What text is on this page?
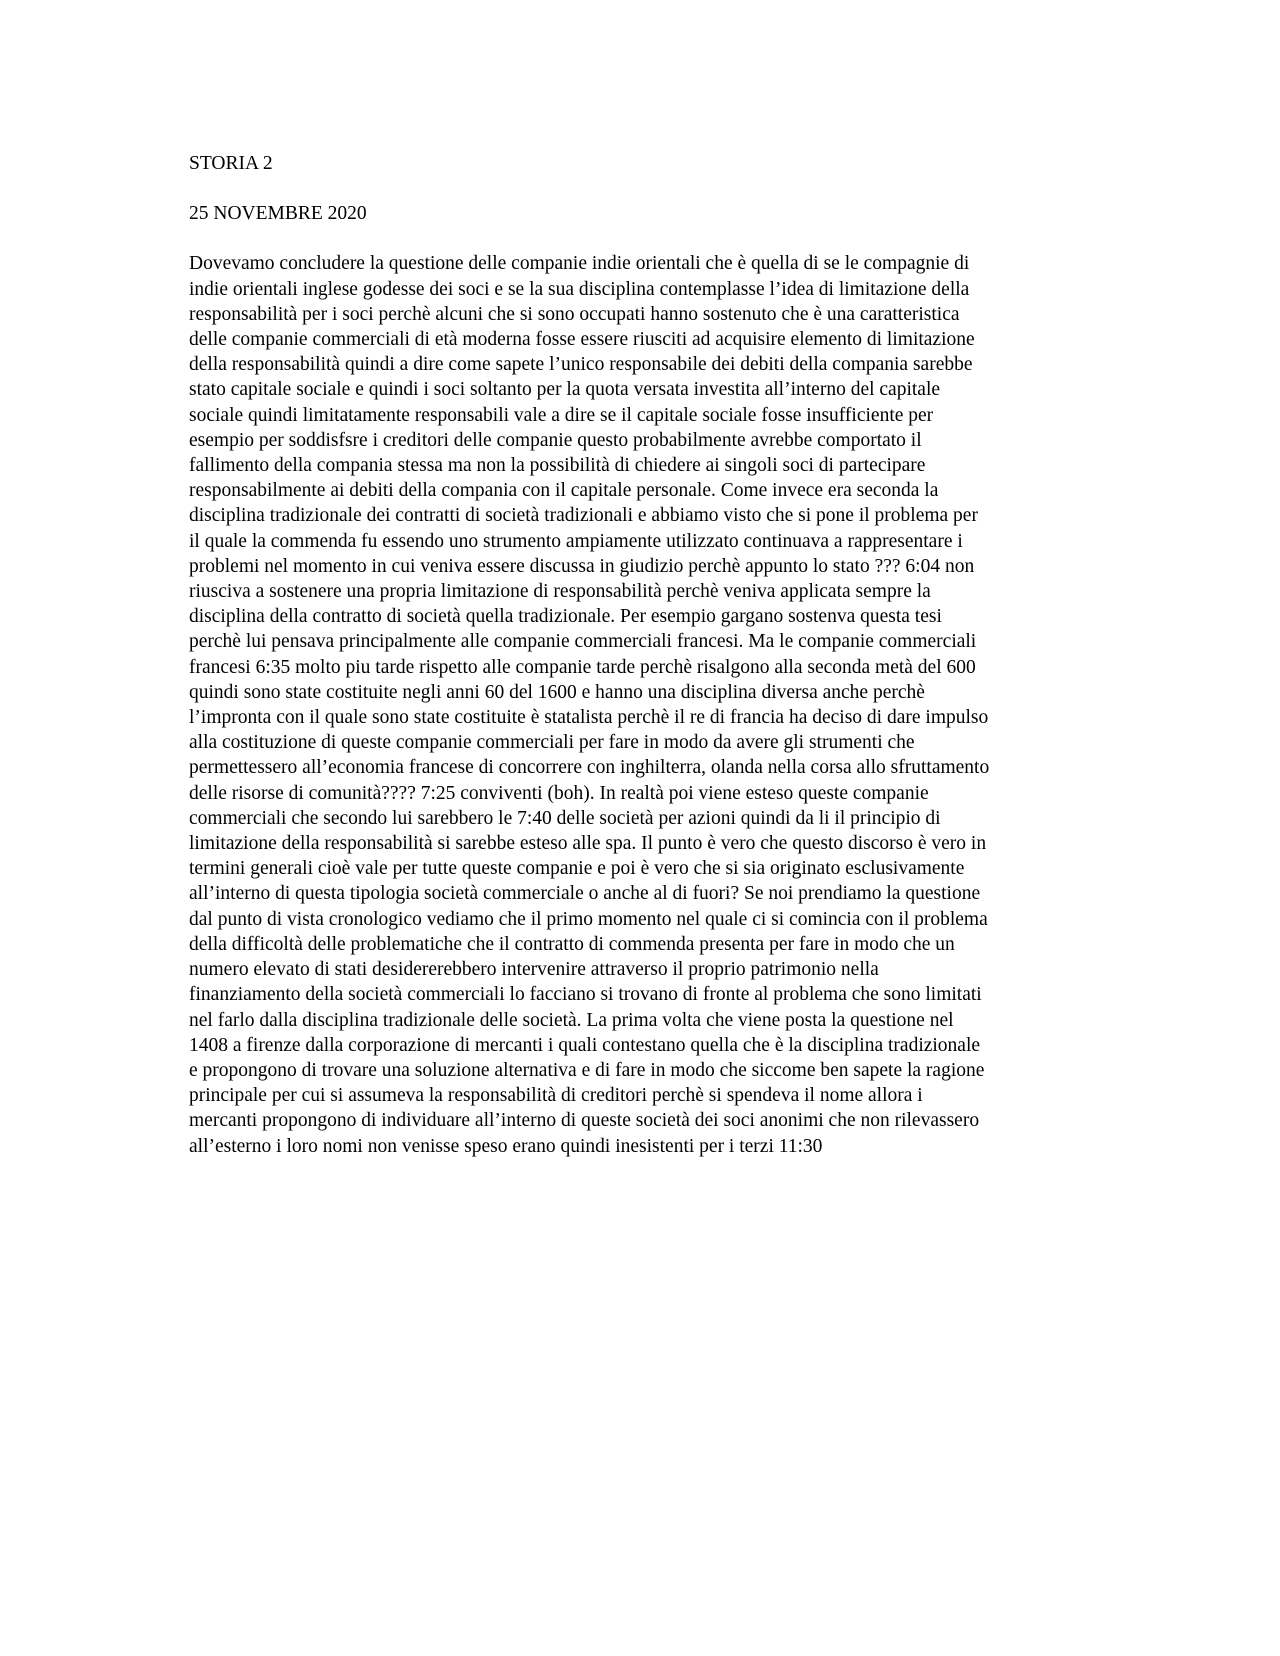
STORIA 2

25 NOVEMBRE 2020

Dovevamo concludere la questione delle companie indie orientali che è quella di se le compagnie di
indie orientali inglese godesse dei soci e se la sua disciplina contemplasse l’idea di limitazione della
responsabilità per i soci perchè alcuni che si sono occupati hanno sostenuto che è una caratteristica
delle companie commerciali di età moderna fosse essere riusciti ad acquisire elemento di limitazione
della responsabilità quindi a dire come sapete l’unico responsabile dei debiti della compania sarebbe
stato capitale sociale e quindi i soci soltanto per la quota versata investita all’interno del capitale
sociale quindi limitatamente responsabili vale a dire se il capitale sociale fosse insufficiente per
esempio per soddisfsre i creditori delle companie questo probabilmente avrebbe comportato il
fallimento della compania stessa ma non la possibilità di chiedere ai singoli soci di partecipare
responsabilmente ai debiti della compania con il capitale personale. Come invece era seconda la
disciplina tradizionale dei contratti di società tradizionali e abbiamo visto che si pone il problema per
il quale la commenda fu essendo uno strumento ampiamente utilizzato continuava a rappresentare i
problemi nel momento in cui veniva essere discussa in giudizio perchè appunto lo stato ??? 6:04 non
riusciva a sostenere una propria limitazione di responsabilità perchè veniva applicata sempre la
disciplina della contratto di società quella tradizionale. Per esempio gargano sostenva questa tesi
perchè lui pensava principalmente alle companie commerciali francesi. Ma le companie commerciali
francesi 6:35 molto piu tarde rispetto alle companie tarde perchè risalgono alla seconda metà del 600
quindi sono state costituite negli anni 60 del 1600 e hanno una disciplina diversa anche perchè
l’impronta con il quale sono state costituite è statalista perchè il re di francia ha deciso di dare impulso
alla costituzione di queste companie commerciali per fare in modo da avere gli strumenti che
permettessero all’economia francese di concorrere con inghilterra, olanda nella corsa allo sfruttamento
delle risorse di comunità???? 7:25 conviventi (boh). In realtà poi viene esteso queste companie
commerciali che secondo lui sarebbero le 7:40 delle società per azioni quindi da li il principio di
limitazione della responsabilità si sarebbe esteso alle spa. Il punto è vero che questo discorso è vero in
termini generali cioè vale per tutte queste companie e poi è vero che si sia originato esclusivamente
all’interno di questa tipologia società commerciale o anche al di fuori? Se noi prendiamo la questione
dal punto di vista cronologico vediamo che il primo momento nel quale ci si comincia con il problema
della difficoltà delle problematiche che il contratto di commenda presenta per fare in modo che un
numero elevato di stati desidererebbero intervenire attraverso il proprio patrimonio nella
finanziamento della società commerciali lo facciano si trovano di fronte al problema che sono limitati
nel farlo dalla disciplina tradizionale delle società. La prima volta che viene posta la questione nel
1408 a firenze dalla corporazione di mercanti i quali contestano quella che è la disciplina tradizionale
e propongono di trovare una soluzione alternativa e di fare in modo che siccome ben sapete la ragione
principale per cui si assumeva la responsabilità di creditori perchè si spendeva il nome allora i
mercanti propongono di individuare all’interno di queste società dei soci anonimi che non rilevassero
all’esterno i loro nomi non venisse speso erano quindi inesistenti per i terzi 11:30
